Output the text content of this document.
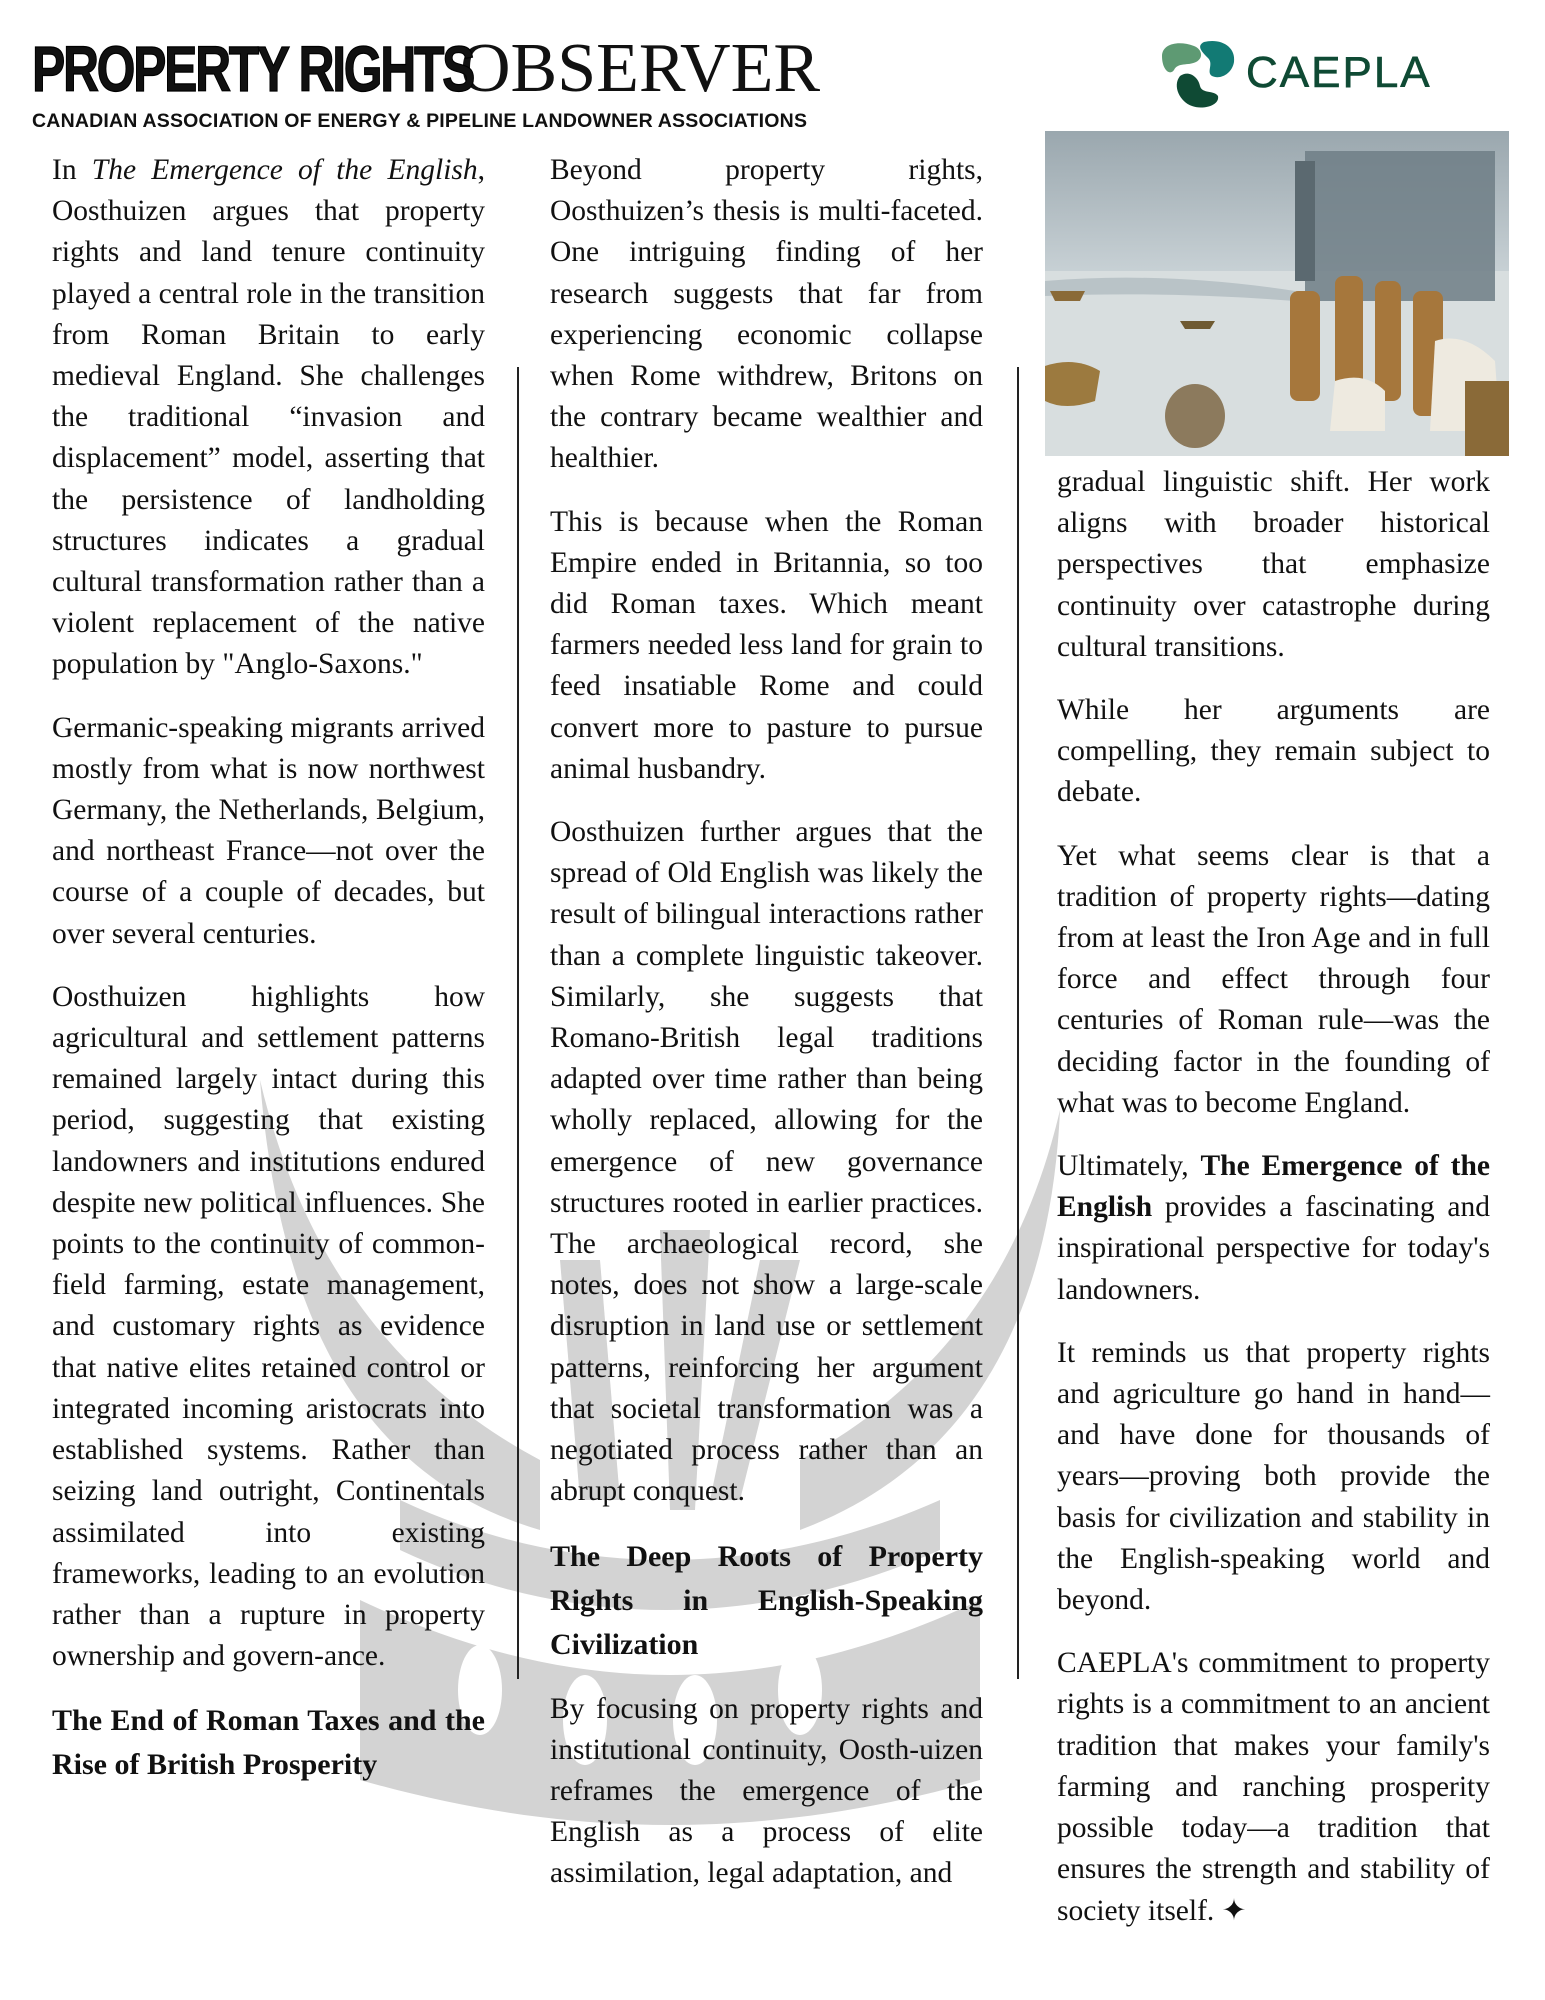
PROPERTY RIGHTS
OBSERVER
CANADIAN ASSOCIATION OF ENERGY & PIPELINE LANDOWNER ASSOCIATIONS
CAEPLA

In The Emergence of the English, Oosthuizen argues that property rights and land tenure continuity played a central role in the transition from Roman Britain to early medieval England. She challenges the traditional “invasion and displacement” model, asserting that the persistence of landholding structures indicates a gradual cultural transformation rather than a violent replacement of the native population by "Anglo-Saxons."

Germanic-speaking migrants arrived mostly from what is now northwest Germany, the Netherlands, Belgium, and northeast France—not over the course of a couple of decades, but over several centuries.

Oosthuizen highlights how agricultural and settlement patterns remained largely intact during this period, suggesting that existing landowners and institutions endured despite new political influences. She points to the continuity of common-field farming, estate management, and customary rights as evidence that native elites retained control or integrated incoming aristocrats into established systems. Rather than seizing land outright, Continentals assimilated into existing frameworks, leading to an evolution rather than a rupture in property ownership and govern-ance.

The End of Roman Taxes and the Rise of British Prosperity

Beyond property rights, Oosthuizen’s thesis is multi-faceted. One intriguing finding of her research suggests that far from experiencing economic collapse when Rome withdrew, Britons on the contrary became wealthier and healthier.

This is because when the Roman Empire ended in Britannia, so too did Roman taxes. Which meant farmers needed less land for grain to feed insatiable Rome and could convert more to pasture to pursue animal husbandry.

Oosthuizen further argues that the spread of Old English was likely the result of bilingual interactions rather than a complete linguistic takeover. Similarly, she suggests that Romano-British legal traditions adapted over time rather than being wholly replaced, allowing for the emergence of new governance structures rooted in earlier practices. The archaeological record, she notes, does not show a large-scale disruption in land use or settlement patterns, reinforcing her argument that societal transformation was a negotiated process rather than an abrupt conquest.

The Deep Roots of Property Rights in English-Speaking Civilization

By focusing on property rights and institutional continuity, Oosth-uizen reframes the emergence of the English as a process of elite assimilation, legal adaptation, and

gradual linguistic shift. Her work aligns with broader historical perspectives that emphasize continuity over catastrophe during cultural transitions.

While her arguments are compelling, they remain subject to debate.

Yet what seems clear is that a tradition of property rights—dating from at least the Iron Age and in full force and effect through four centuries of Roman rule—was the deciding factor in the founding of what was to become England.

Ultimately, The Emergence of the English provides a fascinating and inspirational perspective for today's landowners.

It reminds us that property rights and agriculture go hand in hand—and have done for thousands of years—proving both provide the basis for civilization and stability in the English-speaking world and beyond.

CAEPLA's commitment to property rights is a commitment to an ancient tradition that makes your family's farming and ranching prosperity possible today—a tradition that ensures the strength and stability of society itself. ✦
